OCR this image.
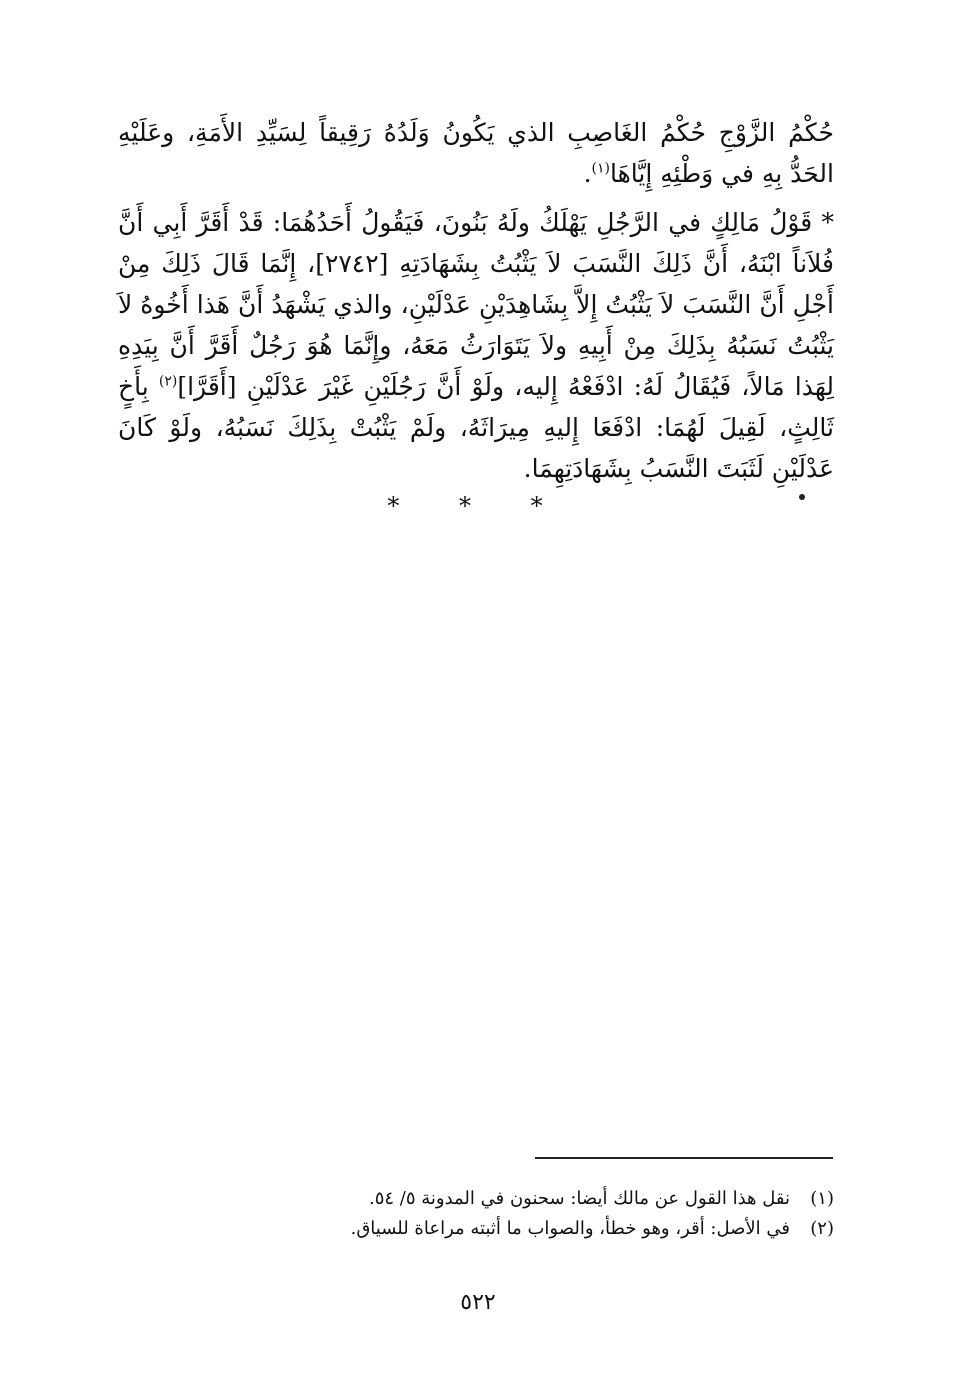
حُكْمُ الزَّوْجِ حُكْمُ الغَاصِبِ الذي يَكُونُ وَلَدُهُ رَقِيقاً لِسَيِّدِ الأَمَةِ، وعَلَيْهِ الحَدُّ بِهِ في وَطْئِهِ إِيَّاهَا$^{(١)}$.

* قَوْلُ مَالِكٍ في الرَّجُلِ يَهْلَكُ ولَهُ بَنُونَ، فَيَقُولُ أَحَدُهُمَا: قَدْ أَقَرَّ أَبِي أَنَّ فُلاَناً ابْنَهُ، أَنَّ ذَلِكَ النَّسَبَ لاَ يَثْبُتُ بِشَهَادَتِهِ [٢٧٤٢]، إِنَّمَا قَالَ ذَلِكَ مِنْ أَجْلِ أَنَّ النَّسَبَ لاَ يَثْبُتُ إِلاَّ بِشَاهِدَيْنِ عَدْلَيْنِ، والذي يَشْهَدُ أَنَّ هَذا أَخُوهُ لاَ يَثْبُتُ نَسَبُهُ بِذَلِكَ مِنْ أَبِيهِ ولاَ يَتَوَارَثُ مَعَهُ، وإِنَّمَا هُوَ رَجُلٌ أَقَرَّ أَنَّ بِيَدِهِ لِهَذا مَالاً، فَيُقَالُ لَهُ: ادْفَعْهُ إِليه، ولَوْ أَنَّ رَجُلَيْنِ غَيْرَ عَدْلَيْنِ [أَقَرَّا]$^{(٢)}$ بِأَخٍ ثَالِثٍ، لَقِيلَ لَهُمَا: ادْفَعَا إِليهِ مِيرَاثَهُ، ولَمْ يَثْبُتْ بِذَلِكَ نَسَبُهُ، ولَوْ كَانَ عَدْلَيْنِ لَثَبَتَ النَّسَبُ بِشَهَادَتِهِمَا.

* * *
(١)
نقل هذا القول عن مالك أيضا: سحنون في المدونة ٥/ ٥٤.
(٢)
في الأصل: أقر، وهو خطأ، والصواب ما أثبته مراعاة للسياق.
٥٢٢
